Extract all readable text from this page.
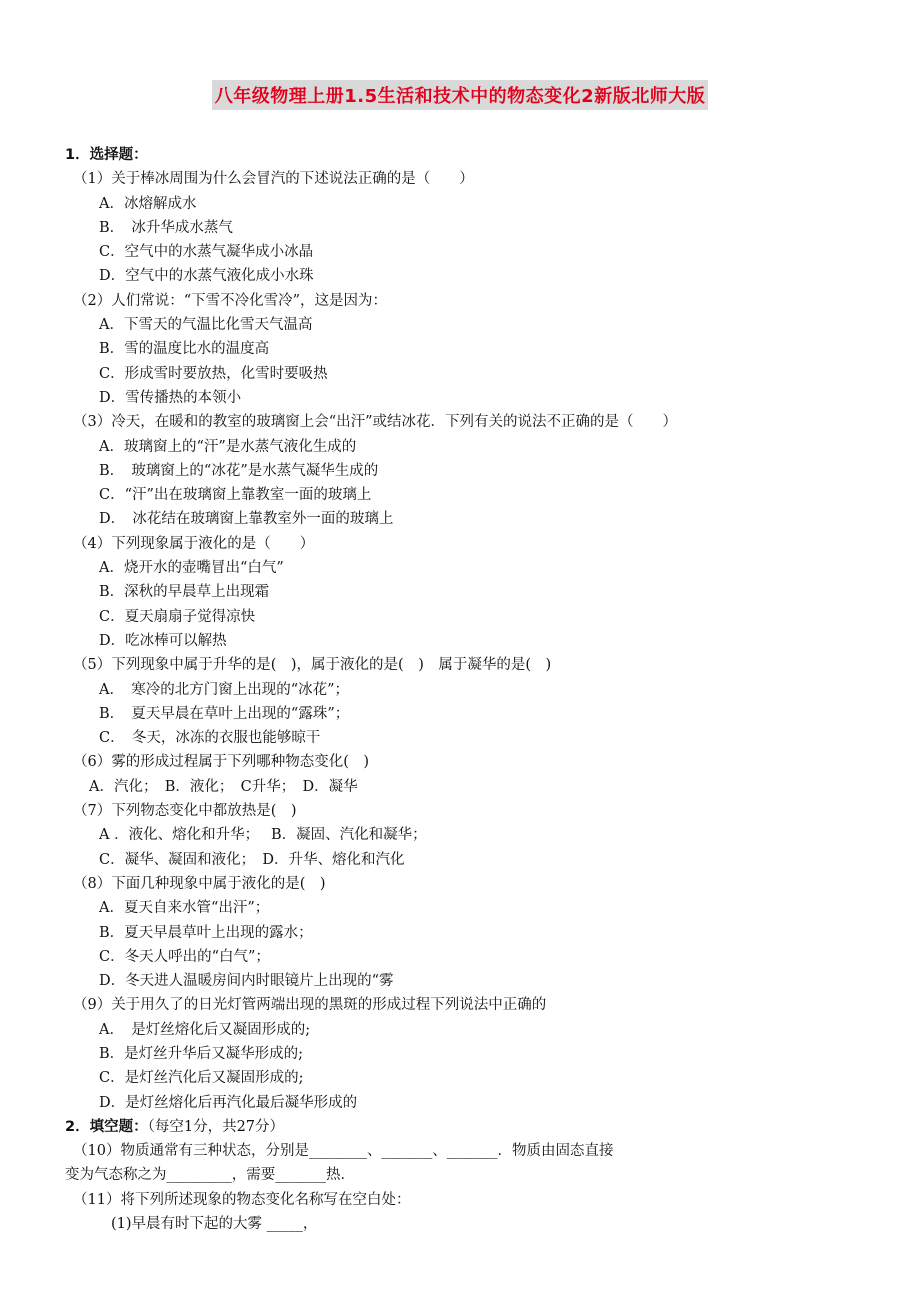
八年级物理上册1.5生活和技术中的物态变化2新版北师大版
1．选择题：
（1）关于棒冰周围为什么会冒汽的下述说法正确的是（　　）
A．冰熔解成水
B．　冰升华成水蒸气
C．空气中的水蒸气凝华成小冰晶
D．空气中的水蒸气液化成小水珠
（2）人们常说：“下雪不冷化雪冷”，这是因为：
A．下雪天的气温比化雪天气温高
B．雪的温度比水的温度高
C．形成雪时要放热，化雪时要吸热
D．雪传播热的本领小
（3）冷天，在暖和的教室的玻璃窗上会“出汗”或结冰花．下列有关的说法不正确的是（　　）
A．玻璃窗上的“汗”是水蒸气液化生成的
B．　玻璃窗上的“冰花”是水蒸气凝华生成的
C．“汗”出在玻璃窗上靠教室一面的玻璃上
D．　冰花结在玻璃窗上靠教室外一面的玻璃上
（4）下列现象属于液化的是（　　）
A．烧开水的壶嘴冒出“白气”
B．深秋的早晨草上出现霜
C．夏天扇扇子觉得凉快
D．吃冰棒可以解热
（5）下列现象中属于升华的是(　)，属于液化的是(　)　属于凝华的是(　)
A．　寒冷的北方门窗上出现的“冰花”；
B．　夏天早晨在草叶上出现的“露珠”；
C．　冬天，冰冻的衣服也能够晾干
（6）雾的形成过程属于下列哪种物态变化(　)
A．汽化；　B．液化；　C升华；　D．凝华
（7）下列物态变化中都放热是(　)
A ．液化、熔化和升华；　 B．凝固、汽化和凝华；
C．凝华、凝固和液化；　D．升华、熔化和汽化
（8）下面几种现象中属于液化的是(　)
A．夏天自来水管“出汗”；
B．夏天早晨草叶上出现的露水；
C．冬天人呼出的“白气”；
D．冬天进人温暖房间内时眼镜片上出现的“雾
（9）关于用久了的日光灯管两端出现的黑斑的形成过程下列说法中正确的
A．　是灯丝熔化后又凝固形成的;
B．是灯丝升华后又凝华形成的;
C．是灯丝汽化后又凝固形成的;
D．是灯丝熔化后再汽化最后凝华形成的
2．填空题：（每空1分，共27分）
（10）物质通常有三种状态，分别是________、_______、_______．物质由固态直接
变为气态称之为_________，需要_______热．
（11）将下列所述现象的物态变化名称写在空白处：
(1)早晨有时下起的大雾 _____，
